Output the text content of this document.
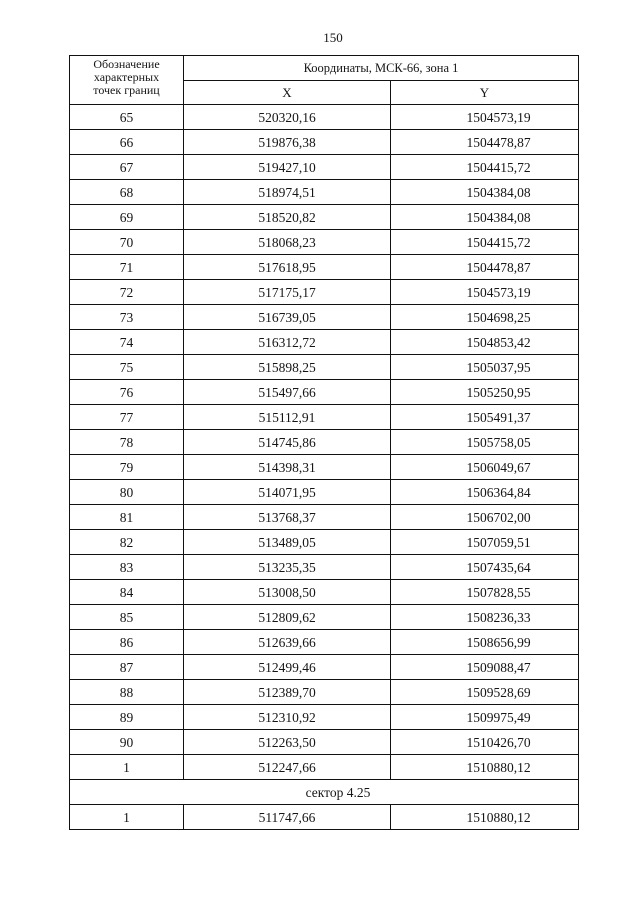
150
Обозначение
характерных
точек границ	Координаты, МСК-66, зона 1	
	X	Y
65	520320,16	1504573,19
66	519876,38	1504478,87
67	519427,10	1504415,72
68	518974,51	1504384,08
69	518520,82	1504384,08
70	518068,23	1504415,72
71	517618,95	1504478,87
72	517175,17	1504573,19
73	516739,05	1504698,25
74	516312,72	1504853,42
75	515898,25	1505037,95
76	515497,66	1505250,95
77	515112,91	1505491,37
78	514745,86	1505758,05
79	514398,31	1506049,67
80	514071,95	1506364,84
81	513768,37	1506702,00
82	513489,05	1507059,51
83	513235,35	1507435,64
84	513008,50	1507828,55
85	512809,62	1508236,33
86	512639,66	1508656,99
87	512499,46	1509088,47
88	512389,70	1509528,69
89	512310,92	1509975,49
90	512263,50	1510426,70
1	512247,66	1510880,12
сектор 4.25		
1	511747,66	1510880,12
